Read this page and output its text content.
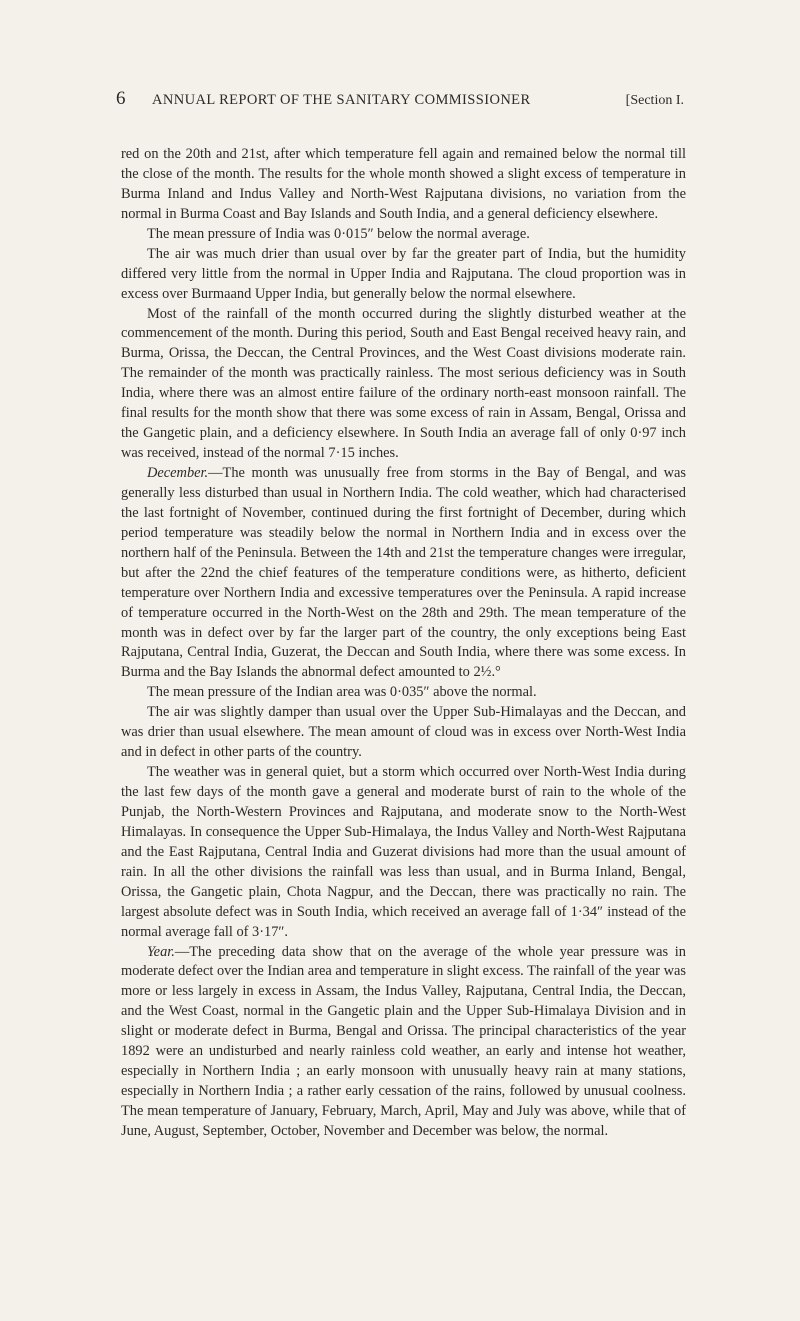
6	ANNUAL REPORT OF THE SANITARY COMMISSIONER	[Section I.

red on the 20th and 21st, after which temperature fell again and remained below the normal till the close of the month. The results for the whole month showed a slight excess of temperature in Burma Inland and Indus Valley and North-West Rajputana divisions, no variation from the normal in Burma Coast and Bay Islands and South India, and a general deficiency elsewhere.

The mean pressure of India was 0·015″ below the normal average.

The air was much drier than usual over by far the greater part of India, but the humidity differed very little from the normal in Upper India and Rajputana. The cloud proportion was in excess over Burmaand Upper India, but generally below the normal elsewhere.

Most of the rainfall of the month occurred during the slightly disturbed weather at the commencement of the month. During this period, South and East Bengal received heavy rain, and Burma, Orissa, the Deccan, the Central Provinces, and the West Coast divisions moderate rain. The remainder of the month was practically rainless. The most serious deficiency was in South India, where there was an almost entire failure of the ordinary north-east monsoon rainfall. The final results for the month show that there was some excess of rain in Assam, Bengal, Orissa and the Gangetic plain, and a deficiency elsewhere. In South India an average fall of only 0·97 inch was received, instead of the normal 7·15 inches.

December.—The month was unusually free from storms in the Bay of Bengal, and was generally less disturbed than usual in Northern India. The cold weather, which had characterised the last fortnight of November, continued during the first fortnight of December, during which period temperature was steadily below the normal in Northern India and in excess over the northern half of the Peninsula. Between the 14th and 21st the temperature changes were irregular, but after the 22nd the chief features of the temperature conditions were, as hitherto, deficient temperature over Northern India and excessive temperatures over the Peninsula. A rapid increase of temperature occurred in the North-West on the 28th and 29th. The mean temperature of the month was in defect over by far the larger part of the country, the only exceptions being East Rajputana, Central India, Guzerat, the Deccan and South India, where there was some excess. In Burma and the Bay Islands the abnormal defect amounted to 2½.°

The mean pressure of the Indian area was 0·035″ above the normal.

The air was slightly damper than usual over the Upper Sub-Himalayas and the Deccan, and was drier than usual elsewhere. The mean amount of cloud was in excess over North-West India and in defect in other parts of the country.

The weather was in general quiet, but a storm which occurred over North-West India during the last few days of the month gave a general and moderate burst of rain to the whole of the Punjab, the North-Western Provinces and Rajputana, and moderate snow to the North-West Himalayas. In consequence the Upper Sub-Himalaya, the Indus Valley and North-West Rajputana and the East Rajputana, Central India and Guzerat divisions had more than the usual amount of rain. In all the other divisions the rainfall was less than usual, and in Burma Inland, Bengal, Orissa, the Gangetic plain, Chota Nagpur, and the Deccan, there was practically no rain. The largest absolute defect was in South India, which received an average fall of 1·34″ instead of the normal average fall of 3·17″.

Year.—The preceding data show that on the average of the whole year pressure was in moderate defect over the Indian area and temperature in slight excess. The rainfall of the year was more or less largely in excess in Assam, the Indus Valley, Rajputana, Central India, the Deccan, and the West Coast, normal in the Gangetic plain and the Upper Sub-Himalaya Division and in slight or moderate defect in Burma, Bengal and Orissa. The principal characteristics of the year 1892 were an undisturbed and nearly rainless cold weather, an early and intense hot weather, especially in Northern India ; an early monsoon with unusually heavy rain at many stations, especially in Northern India ; a rather early cessation of the rains, followed by unusual coolness. The mean temperature of January, February, March, April, May and July was above, while that of June, August, September, October, November and December was below, the normal.
